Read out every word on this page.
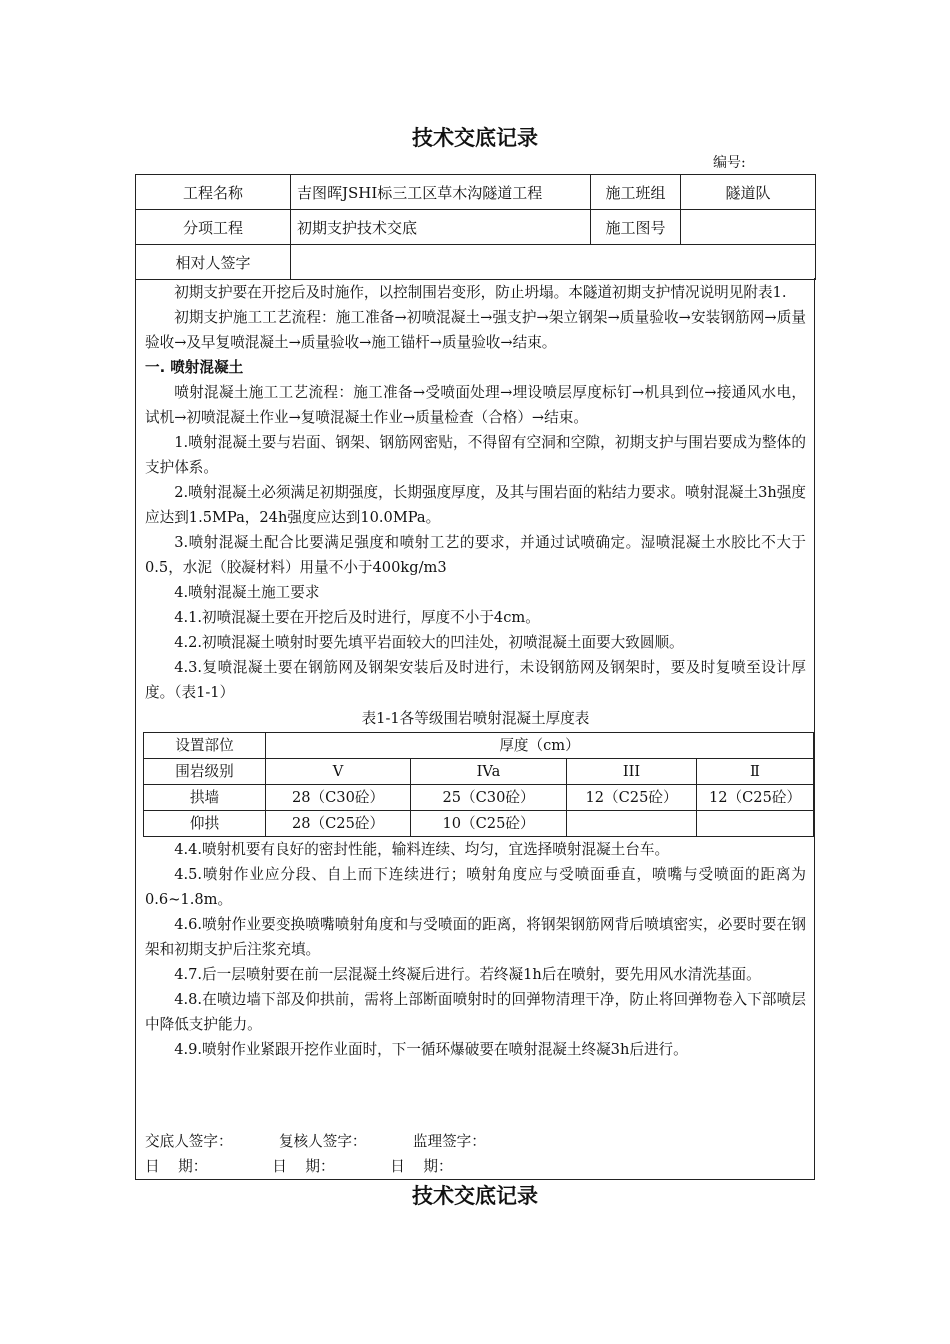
技术交底记录
编号:
工程名称	吉图晖JSHI标三工区草木沟隧道工程	施工班组	隧道队
分项工程	初期支护技术交底	施工图号	
相对人签字			

初期支护要在开挖后及时施作，以控制围岩变形，防止坍塌。本隧道初期支护情况说明见附表1.

初期支护施工工艺流程：施工准备→初喷混凝土→强支护→架立钢架→质量验收→安装钢筋网→质量验收→及早复喷混凝土→质量验收→施工锚杆→质量验收→结束。

一. 喷射混凝土

喷射混凝土施工工艺流程：施工准备→受喷面处理→埋设喷层厚度标钉→机具到位→接通风水电，试机→初喷混凝土作业→复喷混凝土作业→质量检查（合格）→结束。

1.喷射混凝土要与岩面、钢架、钢筋网密贴，不得留有空洞和空隙，初期支护与围岩要成为整体的支护体系。

2.喷射混凝土必须满足初期强度，长期强度厚度，及其与围岩面的粘结力要求。喷射混凝土3h强度应达到1.5MPa，24h强度应达到10.0MPa。

3.喷射混凝土配合比要满足强度和喷射工艺的要求，并通过试喷确定。湿喷混凝土水胶比不大于0.5，水泥（胶凝材料）用量不小于400kg/m3

4.喷射混凝土施工要求

4.1.初喷混凝土要在开挖后及时进行，厚度不小于4cm。

4.2.初喷混凝土喷射时要先填平岩面较大的凹洼处，初喷混凝土面要大致圆顺。

4.3.复喷混凝土要在钢筋网及钢架安装后及时进行，未设钢筋网及钢架时，要及时复喷至设计厚度。（表1-1）

表1-1各等级围岩喷射混凝土厚度表
设置部位	厚度（cm）			
围岩级别	V	IVa	III	Ⅱ
拱墙	28（C30砼）	25（C30砼）	12（C25砼）	12（C25砼）
仰拱	28（C25砼）	10（C25砼）		

4.4.喷射机要有良好的密封性能，输料连续、均匀，宜选择喷射混凝土台车。

4.5.喷射作业应分段、自上而下连续进行；喷射角度应与受喷面垂直，喷嘴与受喷面的距离为0.6~1.8m。

4.6.喷射作业要变换喷嘴喷射角度和与受喷面的距离，将钢架钢筋网背后喷填密实，必要时要在钢架和初期支护后注浆充填。

4.7.后一层喷射要在前一层混凝土终凝后进行。若终凝1h后在喷射，要先用风水清洗基面。

4.8.在喷边墙下部及仰拱前，需将上部断面喷射时的回弹物清理干净，防止将回弹物卷入下部喷层中降低支护能力。

4.9.喷射作业紧跟开挖作业面时，下一循环爆破要在喷射混凝土终凝3h后进行。

交底人签字：          复核人签字：          监理签字：
日    期：              日    期：            日    期：
技术交底记录
